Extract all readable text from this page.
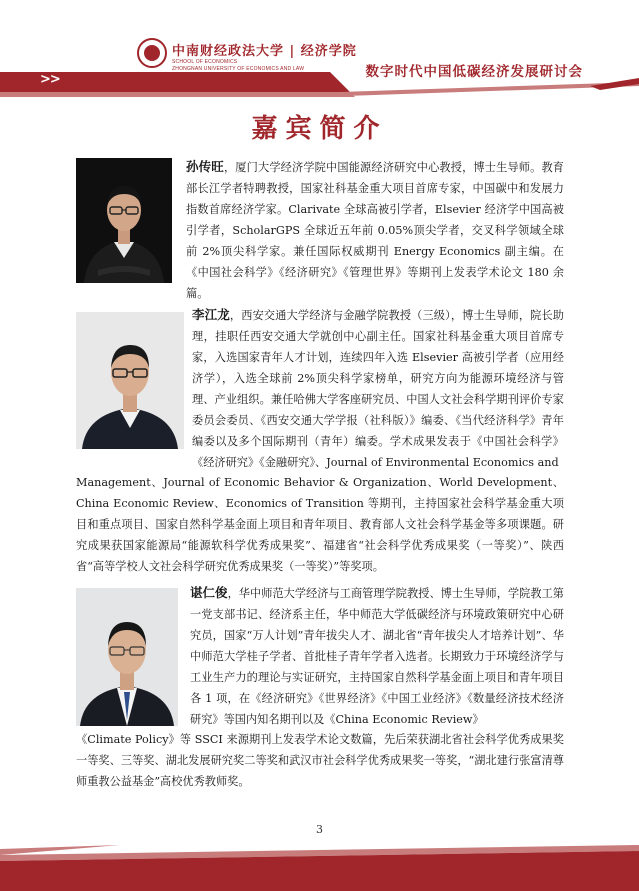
中南财经政法大学 | 经济学院
SCHOOL OF ECONOMICS
ZHONGNAN UNIVERSITY OF ECONOMICS AND LAW	数字时代中国低碳经济发展研讨会
>>
嘉宾简介

孙传旺，厦门大学经济学院中国能源经济研究中心教授，博士生导师。教育部长江学者特聘教授，国家社科基金重大项目首席专家，中国碳中和发展力指数首席经济学家。Clarivate 全球高被引学者，Elsevier 经济学中国高被引学者，ScholarGPS 全球近五年前 0.05%顶尖学者，交叉科学领域全球前 2%顶尖科学家。兼任国际权威期刊 Energy Economics 副主编。在《中国社会科学》《经济研究》《管理世界》等期刊上发表学术论文 180 余篇。

李江龙，西安交通大学经济与金融学院教授（三级），博士生导师，院长助理，挂职任西安交通大学就创中心副主任。国家社科基金重大项目首席专家，入选国家青年人才计划，连续四年入选 Elsevier 高被引学者（应用经济学），入选全球前 2%顶尖科学家榜单，研究方向为能源环境经济与管理、产业组织。兼任哈佛大学客座研究员、中国人文社会科学期刊评价专家委员会委员、《西安交通大学学报（社科版）》编委、《当代经济科学》青年编委以及多个国际期刊（青年）编委。学术成果发表于《中国社会科学》《经济研究》《金融研究》、Journal of Environmental Economics and

Management、Journal of Economic Behavior & Organization、World Development、China Economic Review、Economics of Transition 等期刊，主持国家社会科学基金重大项目和重点项目、国家自然科学基金面上项目和青年项目、教育部人文社会科学基金等多项课题。研究成果获国家能源局“能源软科学优秀成果奖”、福建省“社会科学优秀成果奖（一等奖）”、陕西省“高等学校人文社会科学研究优秀成果奖（一等奖）”等奖项。

谌仁俊，华中师范大学经济与工商管理学院教授、博士生导师，学院教工第一党支部书记、经济系主任，华中师范大学低碳经济与环境政策研究中心研究员，国家“万人计划”青年拔尖人才、湖北省“青年拔尖人才培养计划”、华中师范大学桂子学者、首批桂子青年学者入选者。长期致力于环境经济学与工业生产力的理论与实证研究，主持国家自然科学基金面上项目和青年项目各 1 项，在《经济研究》《世界经济》《中国工业经济》《数量经济技术经济研究》等国内知名期刊以及《China Economic Review》

《Climate Policy》等 SSCI 来源期刊上发表学术论文数篇，先后荣获湖北省社会科学优秀成果奖一等奖、三等奖、湖北发展研究奖二等奖和武汉市社会科学优秀成果奖一等奖，“湖北建行张富清尊师重教公益基金”高校优秀教师奖。

3
